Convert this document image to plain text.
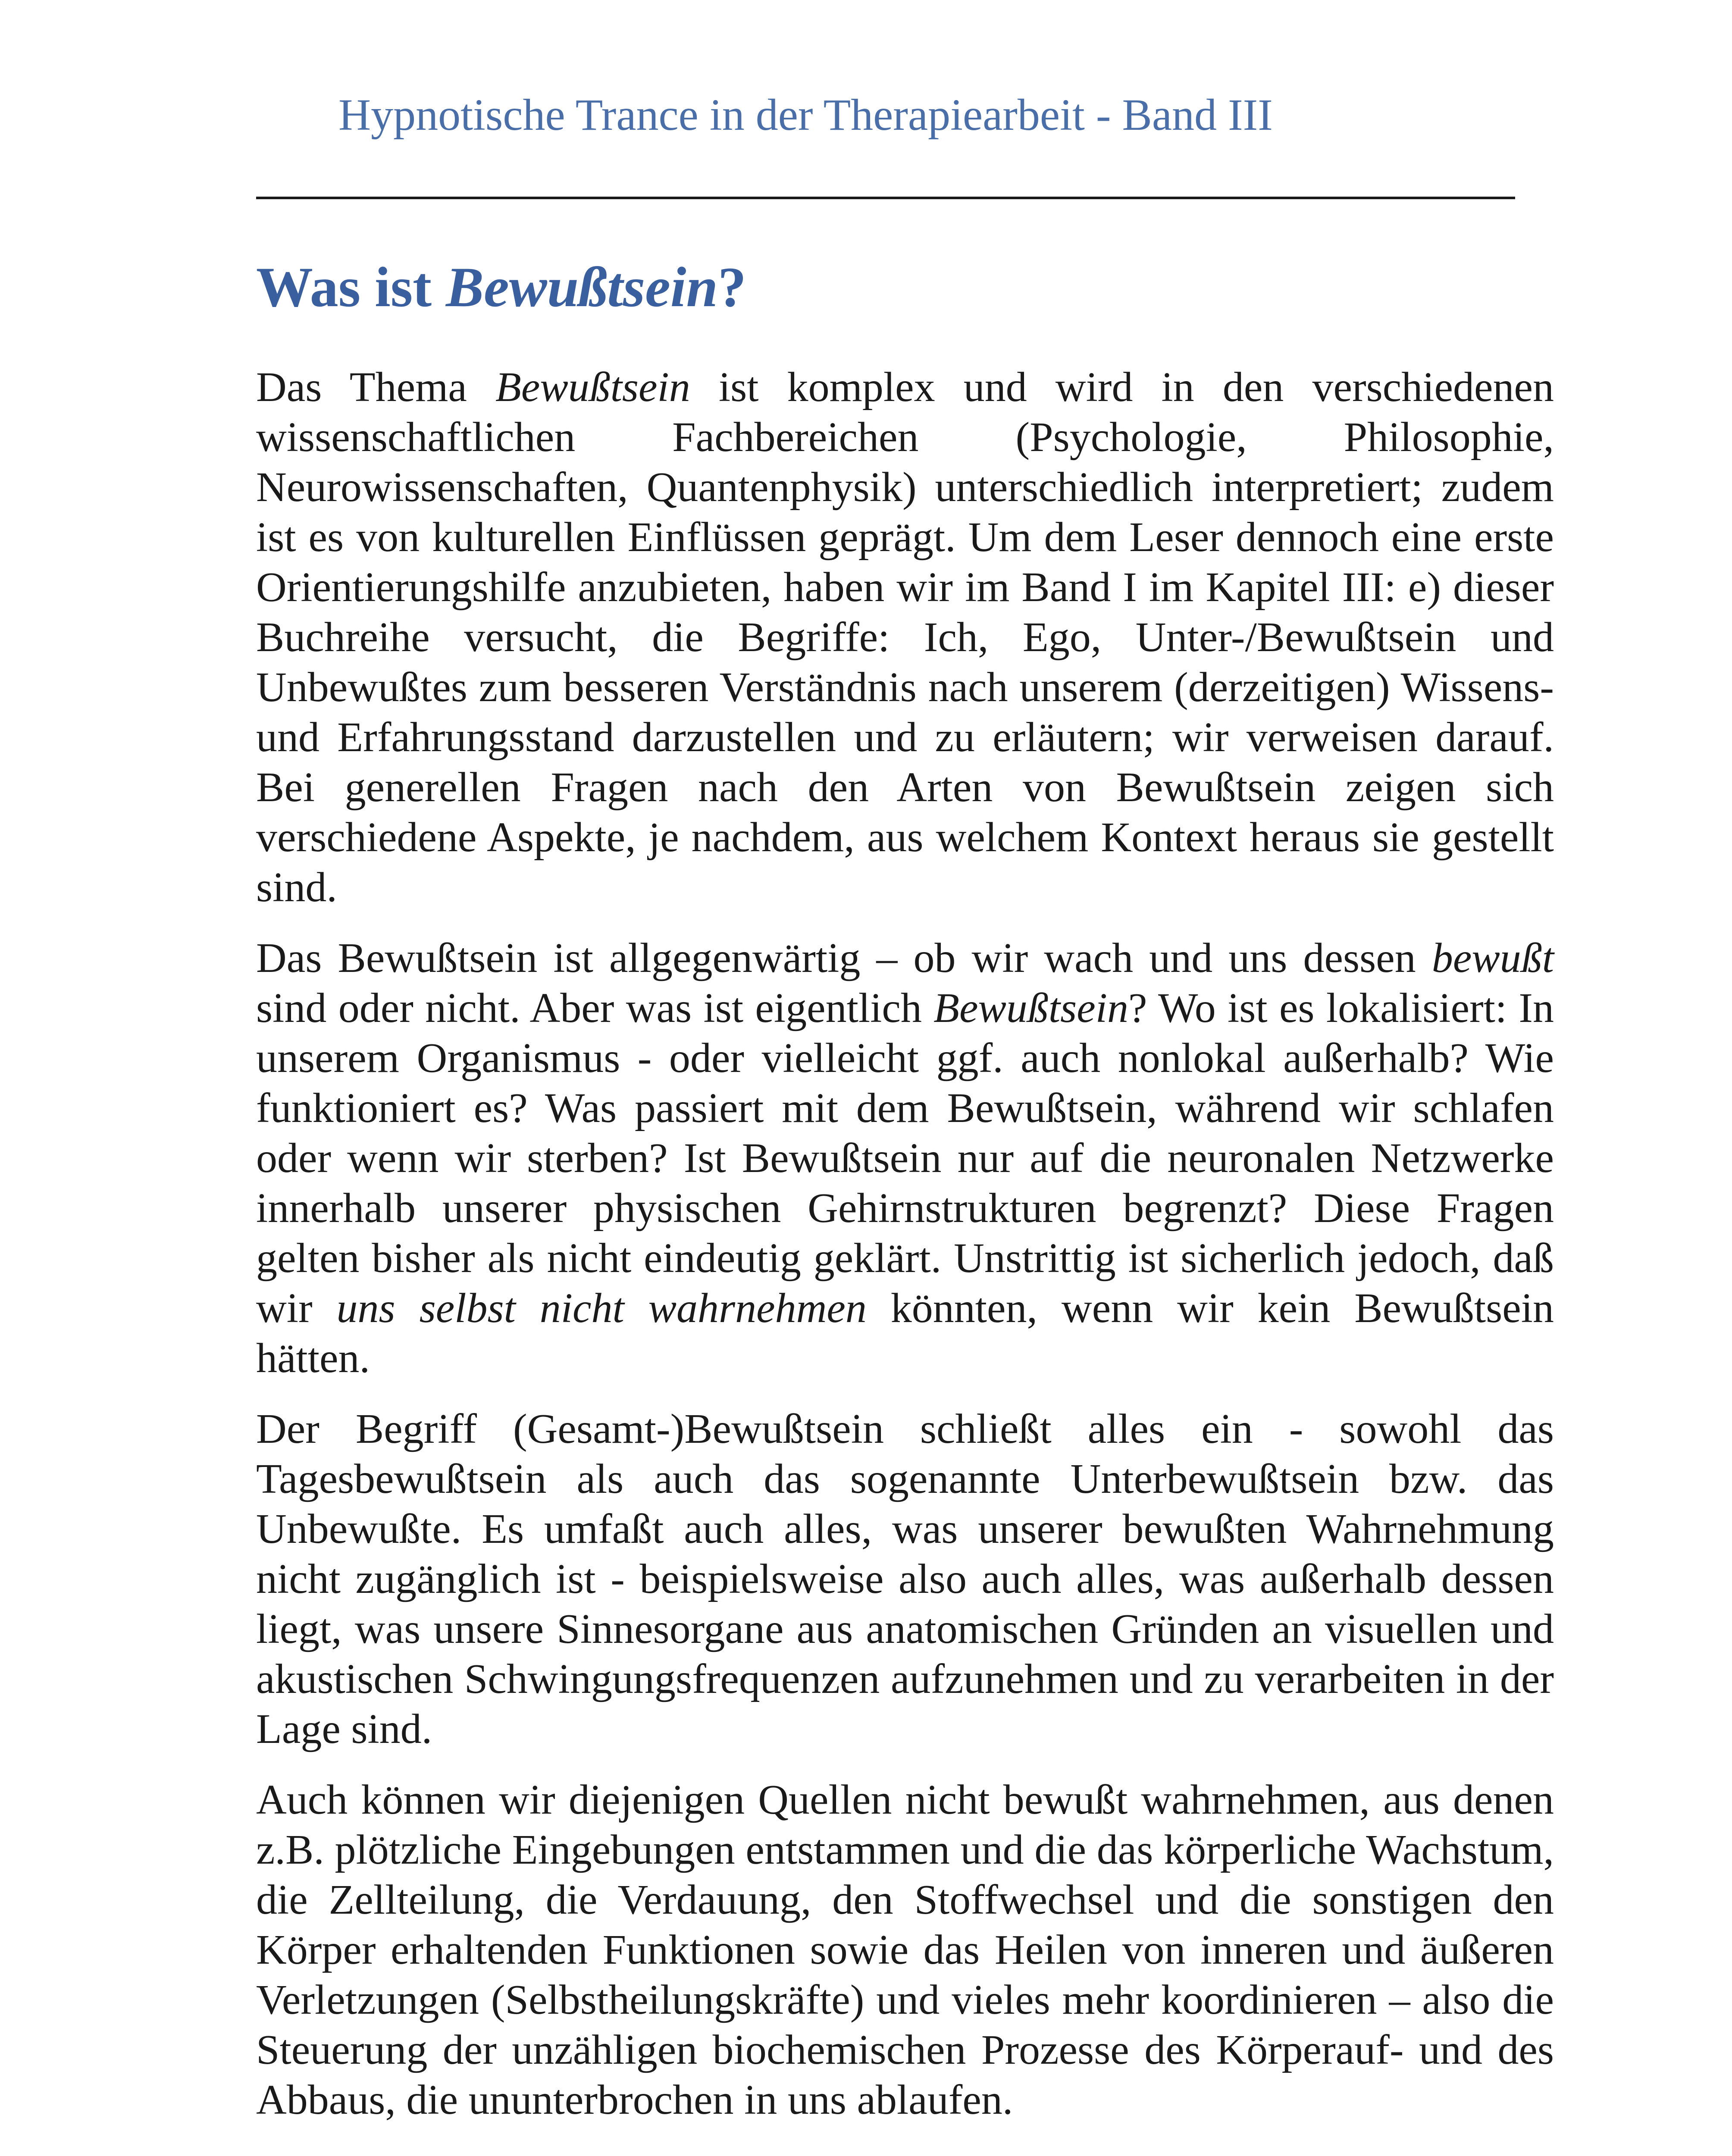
Hypnotische Trance in der Therapiearbeit - Band III
Was ist Bewußtsein?

Das Thema Bewußtsein ist komplex und wird in den verschiedenen wissenschaftlichen Fachbereichen (Psychologie, Philosophie, Neurowissenschaften, Quantenphysik) unterschiedlich interpretiert; zudem ist es von kulturellen Einflüssen geprägt. Um dem Leser dennoch eine erste Orientierungshilfe anzubieten, haben wir im Band I im Kapitel III: e) dieser Buchreihe versucht, die Begriffe: Ich, Ego, Unter-/Bewußtsein und Unbewußtes zum besseren Verständnis nach unserem (derzeitigen) Wissens- und Erfahrungsstand darzustellen und zu erläutern; wir verweisen darauf. Bei generellen Fragen nach den Arten von Bewußtsein zeigen sich verschiedene Aspekte, je nachdem, aus welchem Kontext heraus sie gestellt sind.

Das Bewußtsein ist allgegenwärtig – ob wir wach und uns dessen bewußt sind oder nicht. Aber was ist eigentlich Bewußtsein? Wo ist es lokalisiert: In unserem Organismus - oder vielleicht ggf. auch nonlokal außerhalb? Wie funktioniert es? Was passiert mit dem Bewußtsein, während wir schlafen oder wenn wir sterben? Ist Bewußtsein nur auf die neuronalen Netzwerke innerhalb unserer physischen Gehirnstrukturen begrenzt? Diese Fragen gelten bisher als nicht eindeutig geklärt. Unstrittig ist sicherlich jedoch, daß wir uns selbst nicht wahrnehmen könnten, wenn wir kein Bewußtsein hätten.

Der Begriff (Gesamt-)Bewußtsein schließt alles ein - sowohl das Tagesbewußtsein als auch das sogenannte Unterbewußtsein bzw. das Unbewußte. Es umfaßt auch alles, was unserer bewußten Wahrnehmung nicht zugänglich ist - beispielsweise also auch alles, was außerhalb dessen liegt, was unsere Sinnesorgane aus anatomischen Gründen an visuellen und akustischen Schwingungsfrequenzen aufzunehmen und zu verarbeiten in der Lage sind.

Auch können wir diejenigen Quellen nicht bewußt wahrnehmen, aus denen z.B. plötzliche Eingebungen entstammen und die das körperliche Wachstum, die Zellteilung, die Verdauung, den Stoffwechsel und die sonstigen den Körper erhaltenden Funktionen sowie das Heilen von inneren und äußeren Verletzungen (Selbstheilungskräfte) und vieles mehr koordinieren – also die Steuerung der unzähligen biochemischen Prozesse des Körperauf- und des Abbaus, die ununterbrochen in uns ablaufen.
